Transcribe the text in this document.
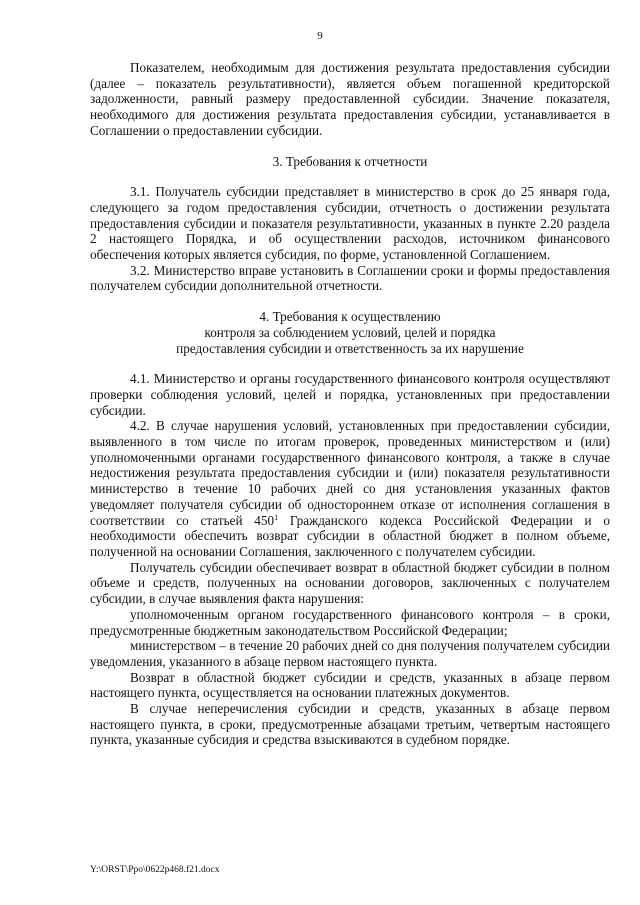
9

Показателем, необходимым для достижения результата предоставления субсидии (далее – показатель результативности), является объем погашенной кредиторской задолженности, равный размеру предоставленной субсидии. Значение показателя, необходимого для достижения результата предоставления субсидии, устанавливается в Соглашении о предоставлении субсидии.

3. Требования к отчетности

3.1. Получатель субсидии представляет в министерство в срок до 25 января года, следующего за годом предоставления субсидии, отчетность о достижении результата предоставления субсидии и показателя результативности, указанных в пункте 2.20 раздела 2 настоящего Порядка, и об осуществлении расходов, источником финансового обеспечения которых является субсидия, по форме, установленной Соглашением.

3.2. Министерство вправе установить в Соглашении сроки и формы предоставления получателем субсидии дополнительной отчетности.

4. Требования к осуществлению

контроля за соблюдением условий, целей и порядка

предоставления субсидии и ответственность за их нарушение

4.1. Министерство и органы государственного финансового контроля осуществляют проверки соблюдения условий, целей и порядка, установленных при предоставлении субсидии.

4.2. В случае нарушения условий, установленных при предоставлении субсидии, выявленного в том числе по итогам проверок, проведенных министерством и (или) уполномоченными органами государственного финансового контроля, а также в случае недостижения результата предоставления субсидии и (или) показателя результативности министерство в течение 10 рабочих дней со дня установления указанных фактов уведомляет получателя субсидии об одностороннем отказе от исполнения соглашения в соответствии со статьей $450^1$ Гражданского кодекса Российской Федерации и о необходимости обеспечить возврат субсидии в областной бюджет в полном объеме, полученной на основании Соглашения, заключенного с получателем субсидии.

Получатель субсидии обеспечивает возврат в областной бюджет субсидии в полном объеме и средств, полученных на основании договоров, заключенных с получателем субсидии, в случае выявления факта нарушения:

уполномоченным органом государственного финансового контроля – в сроки, предусмотренные бюджетным законодательством Российской Федерации;

министерством – в течение 20 рабочих дней со дня получения получателем субсидии уведомления, указанного в абзаце первом настоящего пункта.

Возврат в областной бюджет субсидии и средств, указанных в абзаце первом настоящего пункта, осуществляется на основании платежных документов.

В случае неперечисления субсидии и средств, указанных в абзаце первом настоящего пункта, в сроки, предусмотренные абзацами третьим, четвертым настоящего пункта, указанные субсидия и средства взыскиваются в судебном порядке.

Y:\ORST\Ppo\0622p468.f21.docx
